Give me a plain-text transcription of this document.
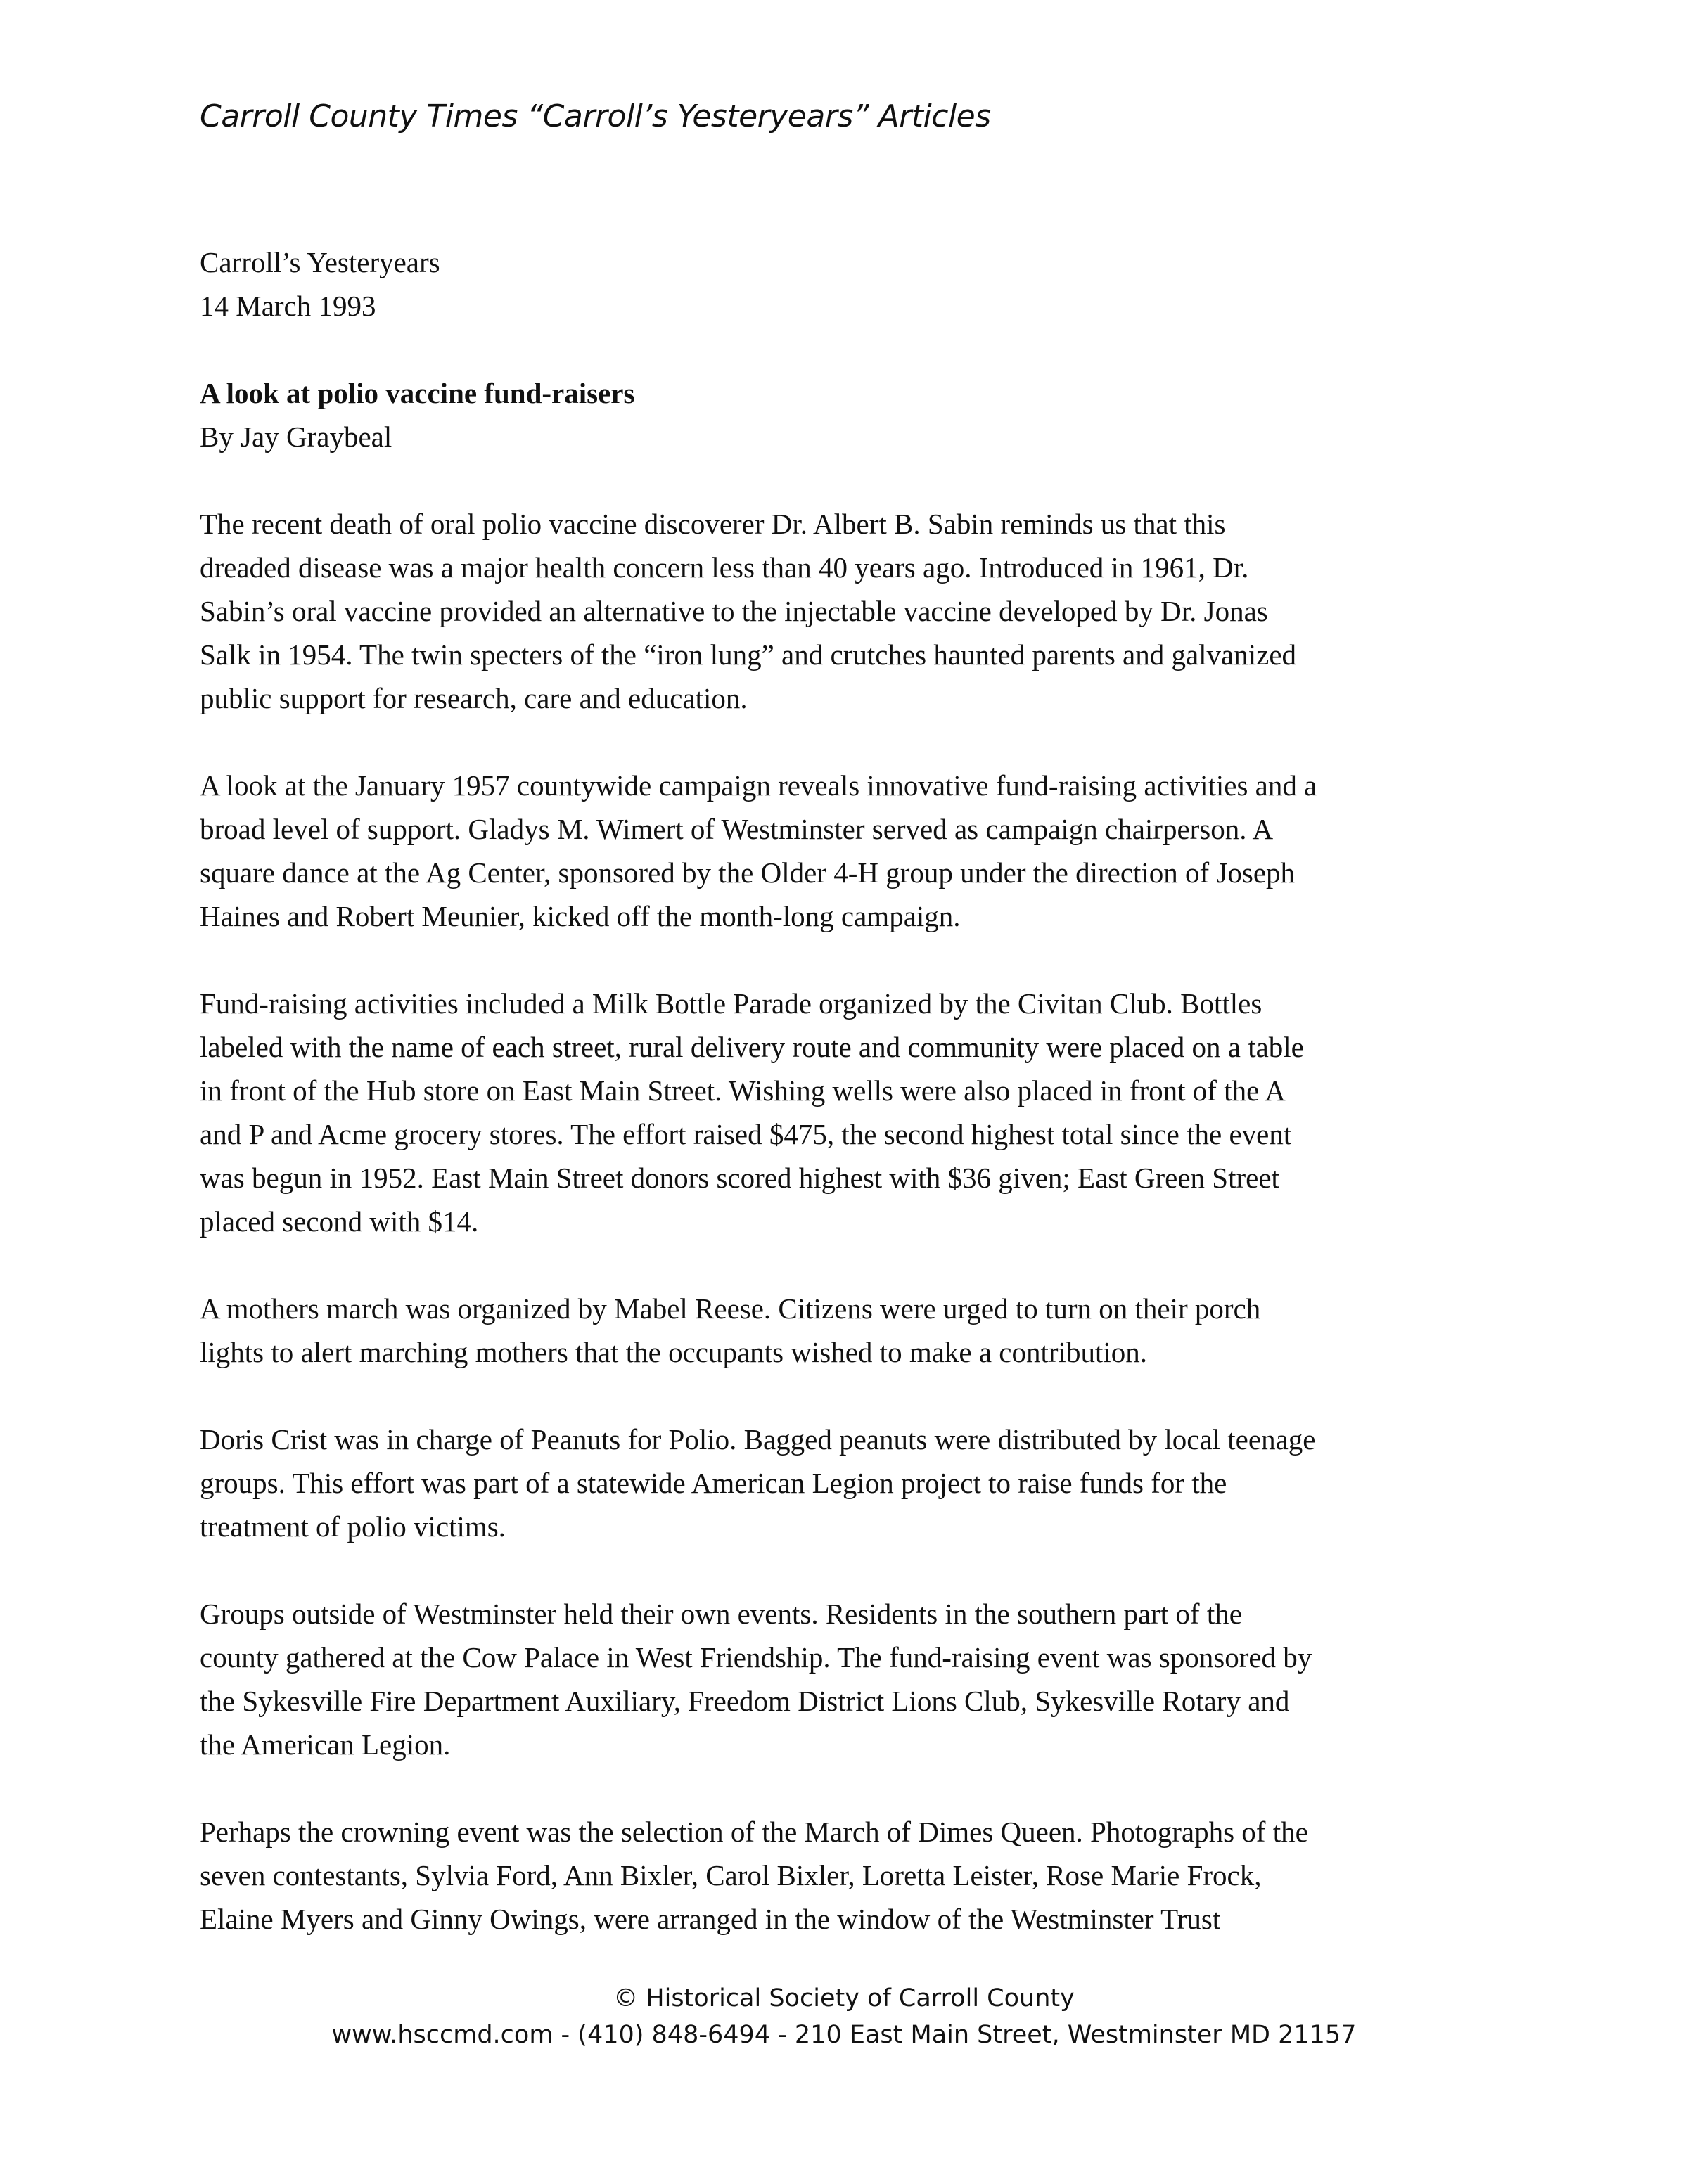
Carroll County Times “Carroll’s Yesteryears” Articles
Carroll’s Yesteryears
14 March 1993
A look at polio vaccine fund-raisers
By Jay Graybeal
The recent death of oral polio vaccine discoverer Dr. Albert B. Sabin reminds us that this
dreaded disease was a major health concern less than 40 years ago. Introduced in 1961, Dr.
Sabin’s oral vaccine provided an alternative to the injectable vaccine developed by Dr. Jonas
Salk in 1954. The twin specters of the “iron lung” and crutches haunted parents and galvanized
public support for research, care and education.
A look at the January 1957 countywide campaign reveals innovative fund-raising activities and a
broad level of support. Gladys M. Wimert of Westminster served as campaign chairperson. A
square dance at the Ag Center, sponsored by the Older 4-H group under the direction of Joseph
Haines and Robert Meunier, kicked off the month-long campaign.
Fund-raising activities included a Milk Bottle Parade organized by the Civitan Club. Bottles
labeled with the name of each street, rural delivery route and community were placed on a table
in front of the Hub store on East Main Street. Wishing wells were also placed in front of the A
and P and Acme grocery stores. The effort raised $475, the second highest total since the event
was begun in 1952. East Main Street donors scored highest with $36 given; East Green Street
placed second with $14.
A mothers march was organized by Mabel Reese. Citizens were urged to turn on their porch
lights to alert marching mothers that the occupants wished to make a contribution.
Doris Crist was in charge of Peanuts for Polio. Bagged peanuts were distributed by local teenage
groups. This effort was part of a statewide American Legion project to raise funds for the
treatment of polio victims.
Groups outside of Westminster held their own events. Residents in the southern part of the
county gathered at the Cow Palace in West Friendship. The fund-raising event was sponsored by
the Sykesville Fire Department Auxiliary, Freedom District Lions Club, Sykesville Rotary and
the American Legion.
Perhaps the crowning event was the selection of the March of Dimes Queen. Photographs of the
seven contestants, Sylvia Ford, Ann Bixler, Carol Bixler, Loretta Leister, Rose Marie Frock,
Elaine Myers and Ginny Owings, were arranged in the window of the Westminster Trust
© Historical Society of Carroll County
www.hsccmd.com - (410) 848-6494 - 210 East Main Street, Westminster MD 21157
